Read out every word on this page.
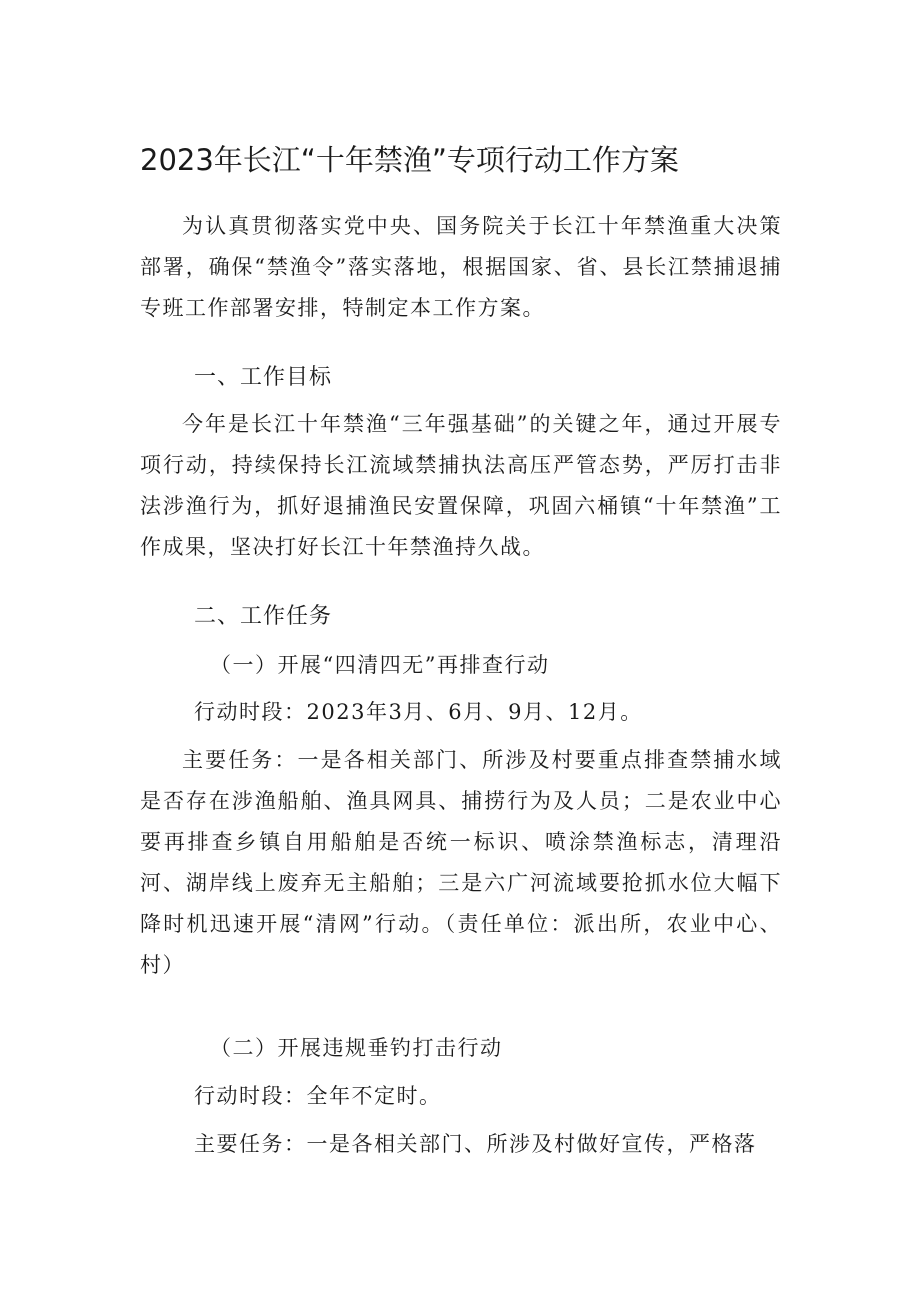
2023年长江“十年禁渔”专项行动工作方案

为认真贯彻落实党中央、国务院关于长江十年禁渔重大决策部署，确保“禁渔令”落实落地，根据国家、省、县长江禁捕退捕专班工作部署安排，特制定本工作方案。

一、工作目标

今年是长江十年禁渔“三年强基础”的关键之年，通过开展专项行动，持续保持长江流域禁捕执法高压严管态势，严厉打击非法涉渔行为，抓好退捕渔民安置保障，巩固六桶镇“十年禁渔”工作成果，坚决打好长江十年禁渔持久战。

二、工作任务
（一）开展“四清四无”再排查行动
行动时段：2023年3月、6月、9月、12月。

主要任务：一是各相关部门、所涉及村要重点排查禁捕水域是否存在涉渔船舶、渔具网具、捕捞行为及人员；二是农业中心要再排查乡镇自用船舶是否统一标识、喷涂禁渔标志，清理沿河、湖岸线上废弃无主船舶；三是六广河流域要抢抓水位大幅下降时机迅速开展“清网”行动。（责任单位：派出所，农业中心、村）

（二）开展违规垂钓打击行动
行动时段：全年不定时。
主要任务：一是各相关部门、所涉及村做好宣传，严格落
